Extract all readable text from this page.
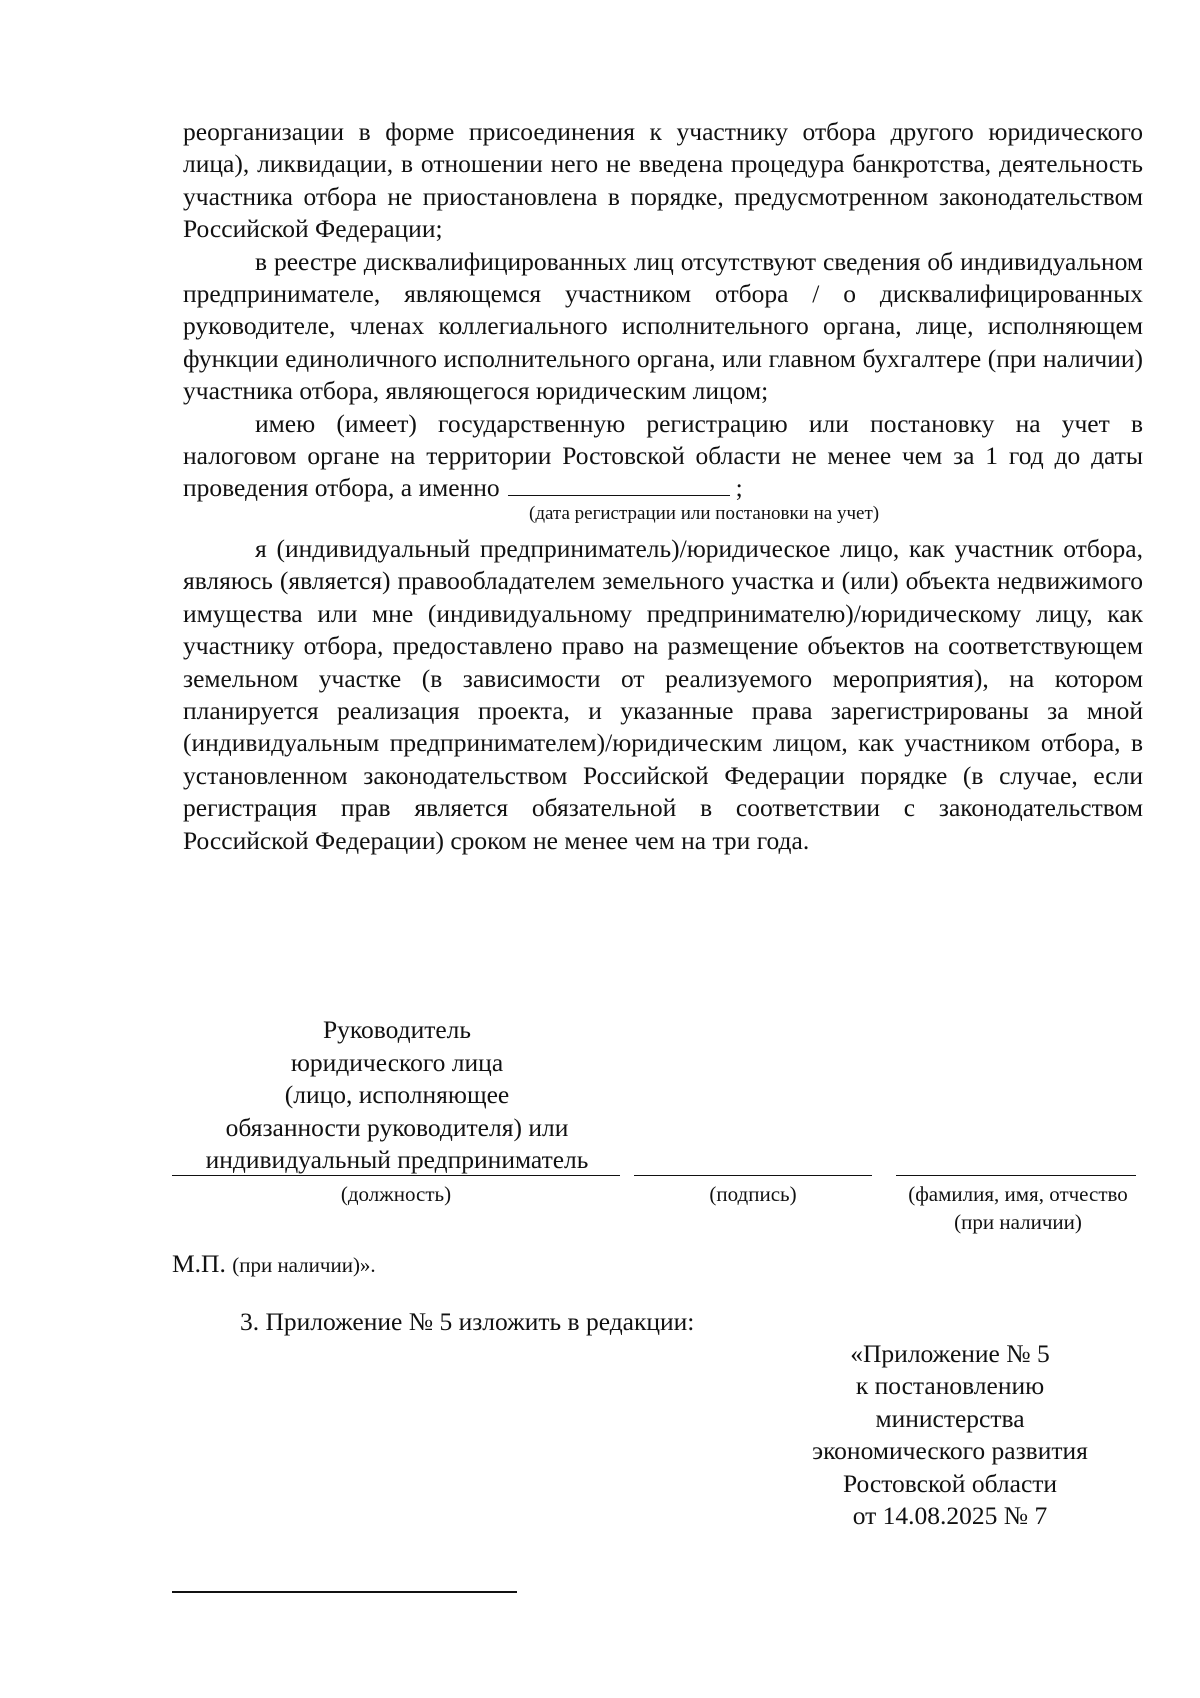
реорганизации в форме присоединения к участнику отбора другого юридического лица), ликвидации, в отношении него не введена процедура банкротства, деятельность участника отбора не приостановлена в порядке, предусмотренном законодательством Российской Федерации;

в реестре дисквалифицированных лиц отсутствуют сведения об индивидуальном предпринимателе, являющемся участником отбора / о дисквалифицированных руководителе, членах коллегиального исполнительного органа, лице, исполняющем функции единоличного исполнительного органа, или главном бухгалтере (при наличии) участника отбора, являющегося юридическим лицом;

имею (имеет) государственную регистрацию или постановку на учет в налоговом органе на территории Ростовской области не менее чем за 1 год до даты проведения отбора, а именно	;

(дата регистрации или постановки на учет)

я (индивидуальный предприниматель)/юридическое лицо, как участник отбора, являюсь (является) правообладателем земельного участка и (или) объекта недвижимого имущества или мне (индивидуальному предпринимателю)/юридическому лицу, как участнику отбора, предоставлено право на размещение объектов на соответствующем земельном участке (в зависимости от реализуемого мероприятия), на котором планируется реализация проекта, и указанные права зарегистрированы за мной (индивидуальным предпринимателем)/юридическим лицом, как участником отбора, в установленном законодательством Российской Федерации порядке (в случае, если регистрация прав является обязательной в соответствии с законодательством Российской Федерации) сроком не менее чем на три года.

Руководитель
юридического лица
(лицо, исполняющее
обязанности руководителя) или
индивидуальный предприниматель
(должность)	(подпись)	(фамилия, имя, отчество
(при наличии)
М.П. (при наличии)».
3. Приложение № 5 изложить в редакции:
«Приложение № 5
к постановлению
министерства
экономического развития
Ростовской области
от 14.08.2025 № 7
